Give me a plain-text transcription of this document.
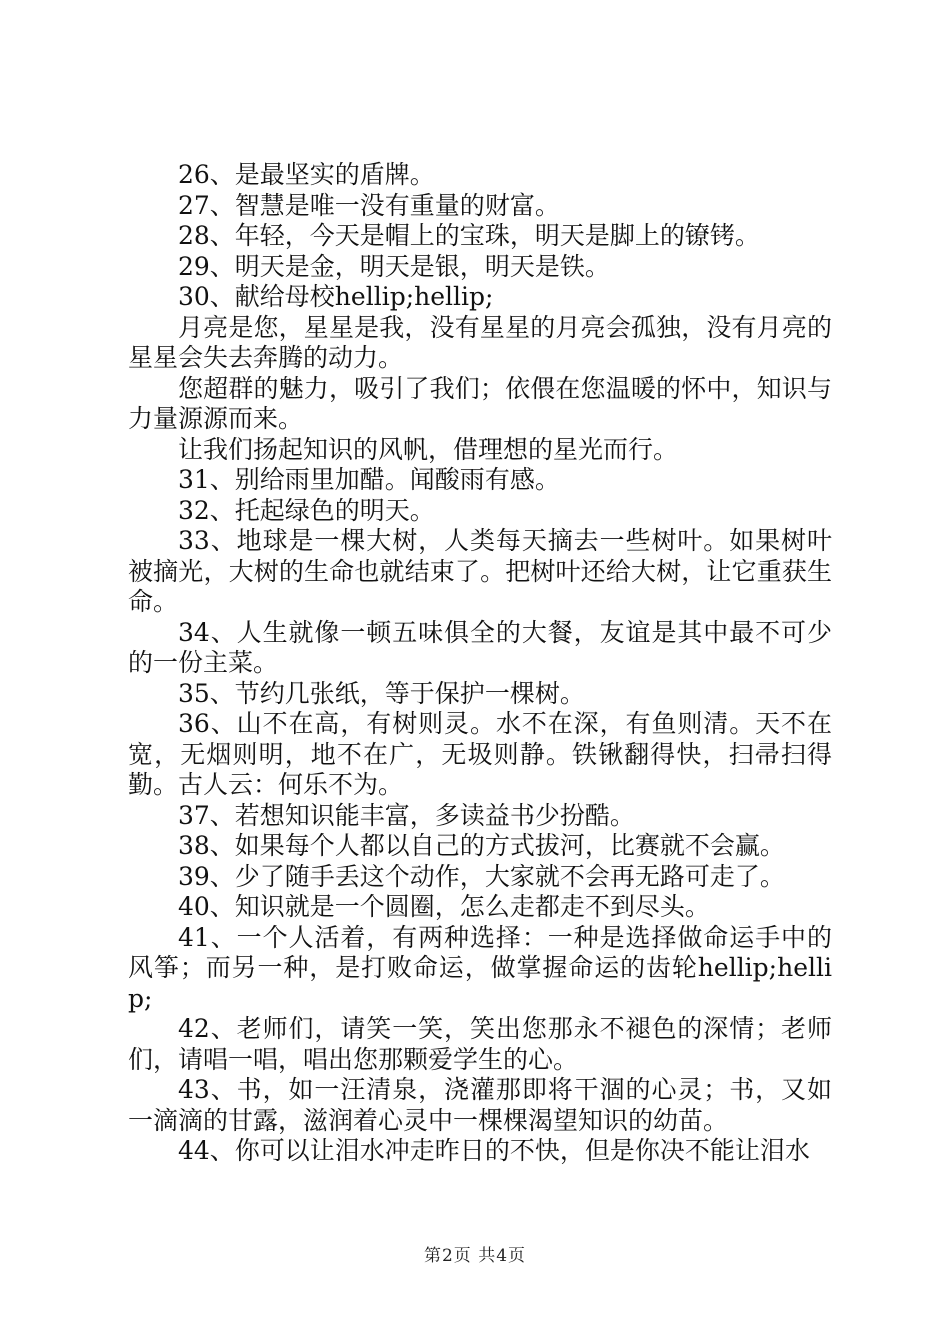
26、是最坚实的盾牌。

27、智慧是唯一没有重量的财富。

28、年轻，今天是帽上的宝珠，明天是脚上的镣铐。

29、明天是金，明天是银，明天是铁。

30、献给母校hellip;hellip;

月亮是您，星星是我，没有星星的月亮会孤独，没有月亮的星星会失去奔腾的动力。

您超群的魅力，吸引了我们；依偎在您温暖的怀中，知识与力量源源而来。

让我们扬起知识的风帆，借理想的星光而行。

31、别给雨里加醋。闻酸雨有感。

32、托起绿色的明天。

33、地球是一棵大树，人类每天摘去一些树叶。如果树叶被摘光，大树的生命也就结束了。把树叶还给大树，让它重获生命。

34、人生就像一顿五味俱全的大餐，友谊是其中最不可少的一份主菜。

35、节约几张纸，等于保护一棵树。

36、山不在高，有树则灵。水不在深，有鱼则清。天不在宽，无烟则明，地不在广，无圾则静。铁锹翻得快，扫帚扫得勤。古人云：何乐不为。

37、若想知识能丰富，多读益书少扮酷。

38、如果每个人都以自己的方式拔河，比赛就不会赢。

39、少了随手丢这个动作，大家就不会再无路可走了。

40、知识就是一个圆圈，怎么走都走不到尽头。

41、一个人活着，有两种选择：一种是选择做命运手中的风筝；而另一种，是打败命运，做掌握命运的齿轮hellip;hellip;

42、老师们，请笑一笑，笑出您那永不褪色的深情；老师们，请唱一唱，唱出您那颗爱学生的心。

43、书，如一汪清泉，浇灌那即将干涸的心灵；书，又如一滴滴的甘露，滋润着心灵中一棵棵渴望知识的幼苗。

44、你可以让泪水冲走昨日的不快，但是你决不能让泪水

第2页 共4页
